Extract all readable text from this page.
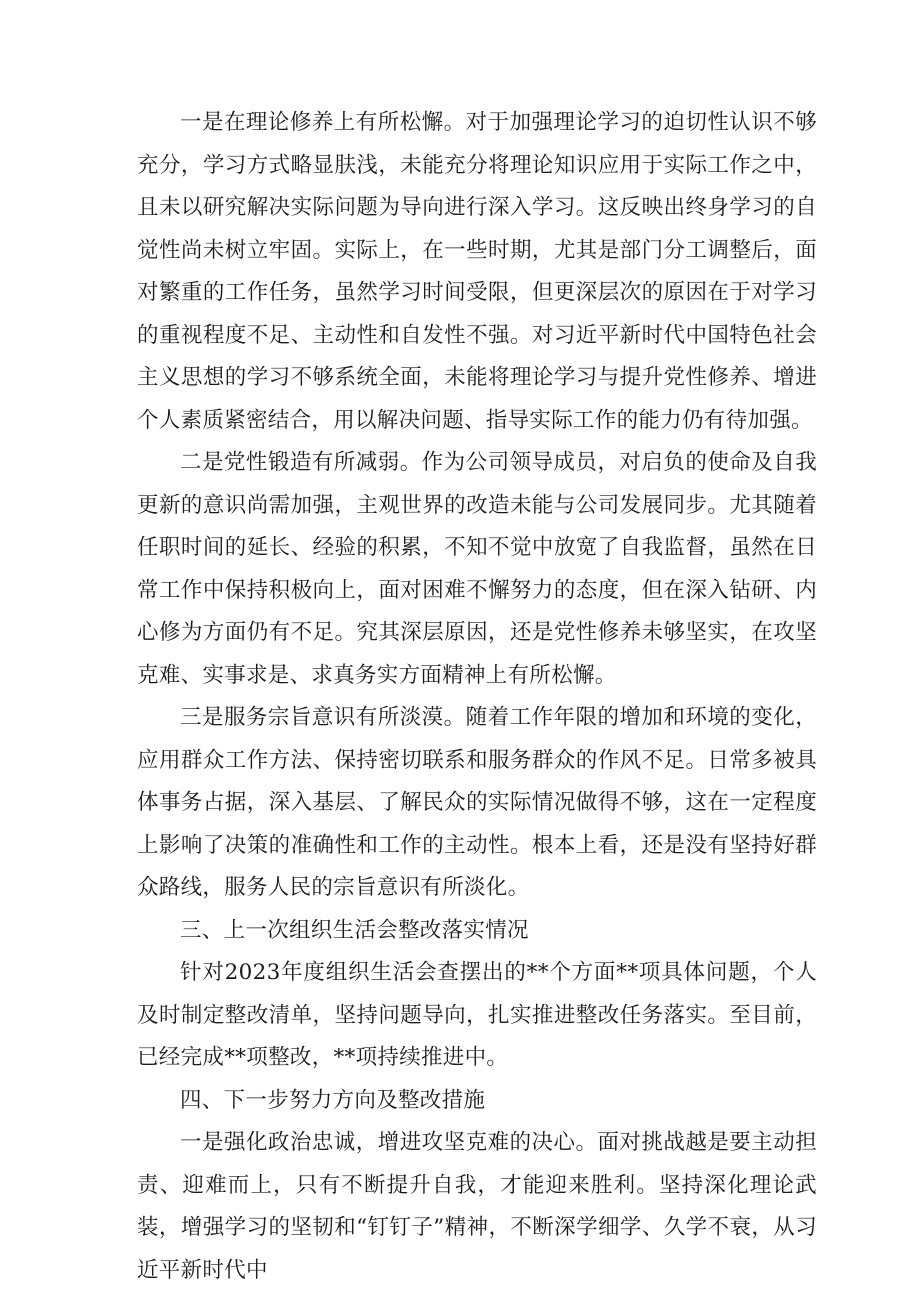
一是在理论修养上有所松懈。对于加强理论学习的迫切性认识不够充分，学习方式略显肤浅，未能充分将理论知识应用于实际工作之中，且未以研究解决实际问题为导向进行深入学习。这反映出终身学习的自觉性尚未树立牢固。实际上，在一些时期，尤其是部门分工调整后，面对繁重的工作任务，虽然学习时间受限，但更深层次的原因在于对学习的重视程度不足、主动性和自发性不强。对习近平新时代中国特色社会主义思想的学习不够系统全面，未能将理论学习与提升党性修养、增进个人素质紧密结合，用以解决问题、指导实际工作的能力仍有待加强。

二是党性锻造有所减弱。作为公司领导成员，对启负的使命及自我更新的意识尚需加强，主观世界的改造未能与公司发展同步。尤其随着任职时间的延长、经验的积累，不知不觉中放宽了自我监督，虽然在日常工作中保持积极向上，面对困难不懈努力的态度，但在深入钻研、内心修为方面仍有不足。究其深层原因，还是党性修养未够坚实，在攻坚克难、实事求是、求真务实方面精神上有所松懈。

三是服务宗旨意识有所淡漠。随着工作年限的增加和环境的变化，应用群众工作方法、保持密切联系和服务群众的作风不足。日常多被具体事务占据，深入基层、了解民众的实际情况做得不够，这在一定程度上影响了决策的准确性和工作的主动性。根本上看，还是没有坚持好群众路线，服务人民的宗旨意识有所淡化。

三、上一次组织生活会整改落实情况

针对2023年度组织生活会查摆出的**个方面**项具体问题，个人及时制定整改清单，坚持问题导向，扎实推进整改任务落实。至目前，已经完成**项整改，**项持续推进中。

四、下一步努力方向及整改措施

一是强化政治忠诚，增进攻坚克难的决心。面对挑战越是要主动担责、迎难而上，只有不断提升自我，才能迎来胜利。坚持深化理论武装，增强学习的坚韧和“钉钉子”精神，不断深学细学、久学不衰，从习近平新时代中
